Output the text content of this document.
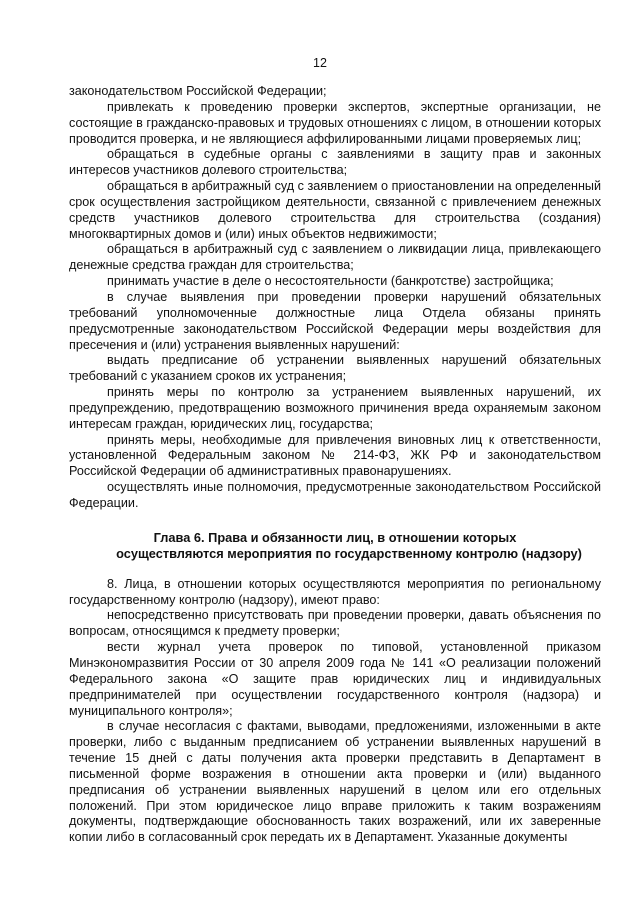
12

законодательством Российской Федерации;

привлекать к проведению проверки экспертов, экспертные организации, не состоящие в гражданско-правовых и трудовых отношениях с лицом, в отношении которых проводится проверка, и не являющиеся аффилированными лицами проверяемых лиц;

обращаться в судебные органы с заявлениями в защиту прав и законных интересов участников долевого строительства;

обращаться в арбитражный суд с заявлением о приостановлении на определенный срок осуществления застройщиком деятельности, связанной с привлечением денежных средств участников долевого строительства для строительства (создания) многоквартирных домов и (или) иных объектов недвижимости;

обращаться в арбитражный суд с заявлением о ликвидации лица, привлекающего денежные средства граждан для строительства;

принимать участие в деле о несостоятельности (банкротстве) застройщика;

в случае выявления при проведении проверки нарушений обязательных требований уполномоченные должностные лица Отдела обязаны принять предусмотренные законодательством Российской Федерации меры воздействия для пресечения и (или) устранения выявленных нарушений:

выдать предписание об устранении выявленных нарушений обязательных требований с указанием сроков их устранения;

принять меры по контролю за устранением выявленных нарушений, их предупреждению, предотвращению возможного причинения вреда охраняемым законом интересам граждан, юридических лиц, государства;

принять меры, необходимые для привлечения виновных лиц к ответственности, установленной Федеральным законом № 214-ФЗ, ЖК РФ и законодательством Российской Федерации об административных правонарушениях.

осуществлять иные полномочия, предусмотренные законодательством Российской Федерации.

Глава 6. Права и обязанности лиц, в отношении которых
осуществляются мероприятия по государственному контролю (надзору)

8. Лица, в отношении которых осуществляются мероприятия по региональному государственному контролю (надзору), имеют право:

непосредственно присутствовать при проведении проверки, давать объяснения по вопросам, относящимся к предмету проверки;

вести журнал учета проверок по типовой, установленной приказом Минэкономразвития России от 30 апреля 2009 года № 141 «О реализации положений Федерального закона «О защите прав юридических лиц и индивидуальных предпринимателей при осуществлении государственного контроля (надзора) и муниципального контроля»;

в случае несогласия с фактами, выводами, предложениями, изложенными в акте проверки, либо с выданным предписанием об устранении выявленных нарушений в течение 15 дней с даты получения акта проверки представить в Департамент в письменной форме возражения в отношении акта проверки и (или) выданного предписания об устранении выявленных нарушений в целом или его отдельных положений. При этом юридическое лицо вправе приложить к таким возражениям документы, подтверждающие обоснованность таких возражений, или их заверенные копии либо в согласованный срок передать их в Департамент. Указанные документы
